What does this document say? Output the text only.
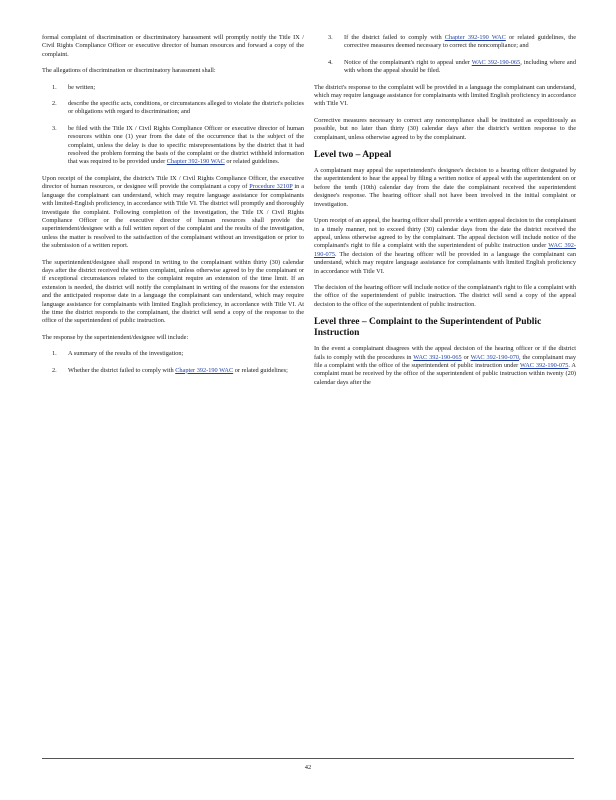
formal complaint of discrimination or discriminatory harassment will promptly notify the Title IX / Civil Rights Compliance Officer or executive director of human resources and forward a copy of the complaint.

The allegations of discrimination or discriminatory harassment shall:

1.	be written;
2.	describe the specific acts, conditions, or circumstances alleged to violate the district's policies or obligations with regard to discrimination; and
3.	be filed with the Title IX / Civil Rights Compliance Officer or executive director of human resources within one (1) year from the date of the occurrence that is the subject of the complaint, unless the delay is due to specific misrepresentations by the district that it had resolved the problem forming the basis of the complaint or the district withheld information that was required to be provided under Chapter 392-190 WAC or related guidelines.

Upon receipt of the complaint, the district's Title IX / Civil Rights Compliance Officer, the executive director of human resources, or designee will provide the complainant a copy of Procedure 3210P in a language the complainant can understand, which may require language assistance for complainants with limited-English proficiency, in accordance with Title VI. The district will promptly and thoroughly investigate the complaint. Following completion of the investigation, the Title IX / Civil Rights Compliance Officer or the executive director of human resources shall provide the superintendent/designee with a full written report of the complaint and the results of the investigation, unless the matter is resolved to the satisfaction of the complainant without an investigation or prior to the submission of a written report.

The superintendent/designee shall respond in writing to the complainant within thirty (30) calendar days after the district received the written complaint, unless otherwise agreed to by the complainant or if exceptional circumstances related to the complaint require an extension of the time limit. If an extension is needed, the district will notify the complainant in writing of the reasons for the extension and the anticipated response date in a language the complainant can understand, which may require language assistance for complainants with limited English proficiency, in accordance with Title VI. At the time the district responds to the complainant, the district will send a copy of the response to the office of the superintendent of public instruction.

The response by the superintendent/designee will include:

1.	A summary of the results of the investigation;
2.	Whether the district failed to comply with Chapter 392-190 WAC or related guidelines;
3.	If the district failed to comply with Chapter 392-190 WAC or related guidelines, the corrective measures deemed necessary to correct the noncompliance; and
4.	Notice of the complainant's right to appeal under WAC 392-190-065, including where and with whom the appeal should be filed.

The district's response to the complaint will be provided in a language the complainant can understand, which may require language assistance for complainants with limited English proficiency in accordance with Title VI.

Corrective measures necessary to correct any noncompliance shall be instituted as expeditiously as possible, but no later than thirty (30) calendar days after the district's written response to the complainant, unless otherwise agreed to by the complainant.

Level two – Appeal

A complainant may appeal the superintendent's designee's decision to a hearing officer designated by the superintendent to hear the appeal by filing a written notice of appeal with the superintendent on or before the tenth (10th) calendar day from the date the complainant received the superintendent designee's response. The hearing officer shall not have been involved in the initial complaint or investigation.

Upon receipt of an appeal, the hearing officer shall provide a written appeal decision to the complainant in a timely manner, not to exceed thirty (30) calendar days from the date the district received the appeal, unless otherwise agreed to by the complainant. The appeal decision will include notice of the complainant's right to file a complaint with the superintendent of public instruction under WAC 392-190-075. The decision of the hearing officer will be provided in a language the complainant can understand, which may require language assistance for complainants with limited English proficiency in accordance with Title VI.

The decision of the hearing officer will include notice of the complainant's right to file a complaint with the office of the superintendent of public instruction. The district will send a copy of the appeal decision to the office of the superintendent of public instruction.

Level three – Complaint to the Superintendent of Public Instruction

In the event a complainant disagrees with the appeal decision of the hearing officer or if the district fails to comply with the procedures in WAC 392-190-065 or WAC 392-190-070, the complainant may file a complaint with the office of the superintendent of public instruction under WAC 392-190-075. A complaint must be received by the office of the superintendent of public instruction within twenty (20) calendar days after the

42
